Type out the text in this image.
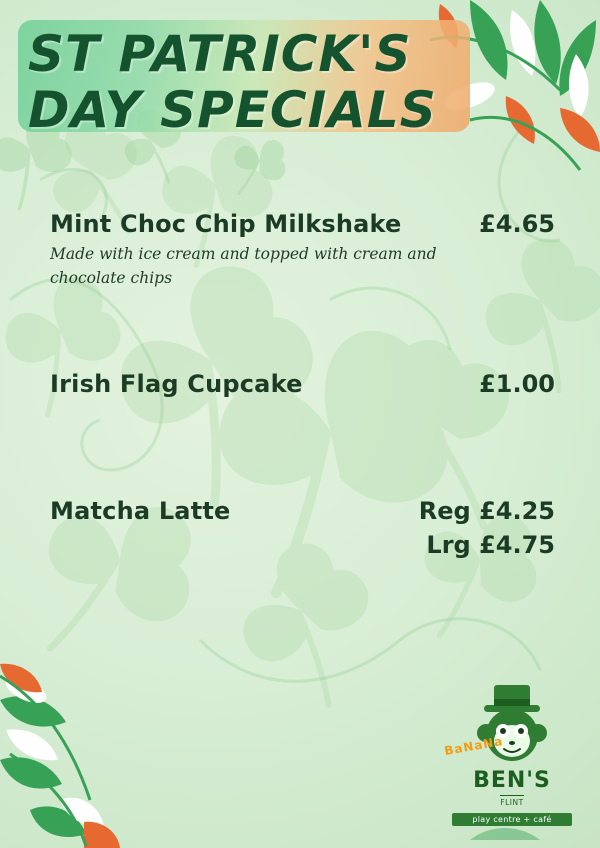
ST PATRICK'S
DAY SPECIALS
Mint Choc Chip Milkshake	£4.65
Made with ice cream and topped with cream and chocolate chips
Irish Flag Cupcake	£1.00
Matcha Latte	Reg £4.25
Lrg £4.75
BaNaNa
BEN'S
FLINT
play centre + café
